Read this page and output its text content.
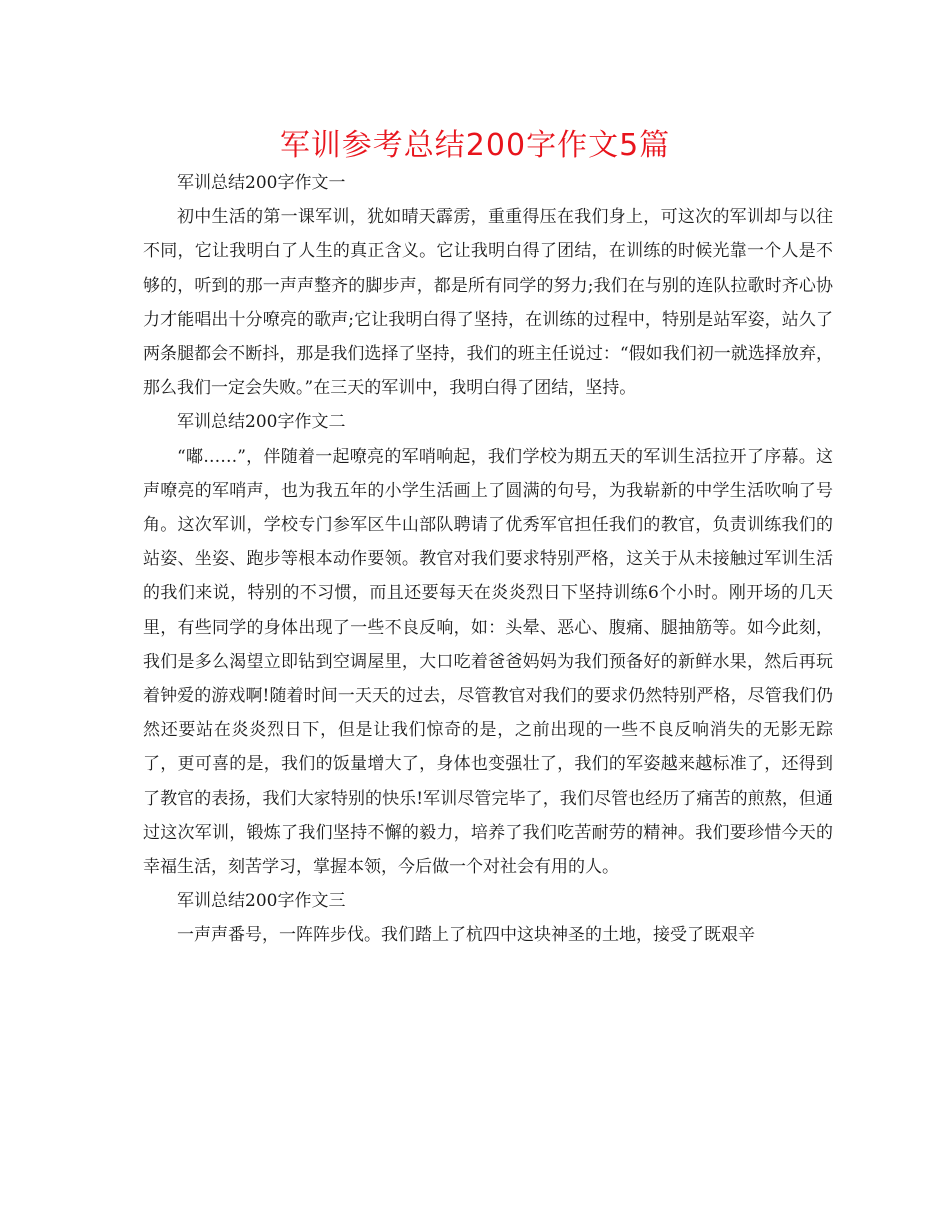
军训参考总结200字作文5篇

军训总结200字作文一

初中生活的第一课军训，犹如晴天霹雳，重重得压在我们身上，可这次的军训却与以往不同，它让我明白了人生的真正含义。它让我明白得了团结，在训练的时候光靠一个人是不够的，听到的那一声声整齐的脚步声，都是所有同学的努力;我们在与别的连队拉歌时齐心协力才能唱出十分嘹亮的歌声;它让我明白得了坚持，在训练的过程中，特别是站军姿，站久了两条腿都会不断抖，那是我们选择了坚持，我们的班主任说过：“假如我们初一就选择放弃，那么我们一定会失败。”在三天的军训中，我明白得了团结，坚持。

军训总结200字作文二

“嘟……”，伴随着一起嘹亮的军哨响起，我们学校为期五天的军训生活拉开了序幕。这声嘹亮的军哨声，也为我五年的小学生活画上了圆满的句号，为我崭新的中学生活吹响了号角。这次军训，学校专门参军区牛山部队聘请了优秀军官担任我们的教官，负责训练我们的站姿、坐姿、跑步等根本动作要领。教官对我们要求特别严格，这关于从未接触过军训生活的我们来说，特别的不习惯，而且还要每天在炎炎烈日下坚持训练6个小时。刚开场的几天里，有些同学的身体出现了一些不良反响，如：头晕、恶心、腹痛、腿抽筋等。如今此刻，我们是多么渴望立即钻到空调屋里，大口吃着爸爸妈妈为我们预备好的新鲜水果，然后再玩着钟爱的游戏啊!随着时间一天天的过去，尽管教官对我们的要求仍然特别严格，尽管我们仍然还要站在炎炎烈日下，但是让我们惊奇的是，之前出现的一些不良反响消失的无影无踪了，更可喜的是，我们的饭量增大了，身体也变强壮了，我们的军姿越来越标准了，还得到了教官的表扬，我们大家特别的快乐!军训尽管完毕了，我们尽管也经历了痛苦的煎熬，但通过这次军训，锻炼了我们坚持不懈的毅力，培养了我们吃苦耐劳的精神。我们要珍惜今天的幸福生活，刻苦学习，掌握本领，今后做一个对社会有用的人。

军训总结200字作文三

一声声番号，一阵阵步伐。我们踏上了杭四中这块神圣的土地，接受了既艰辛
